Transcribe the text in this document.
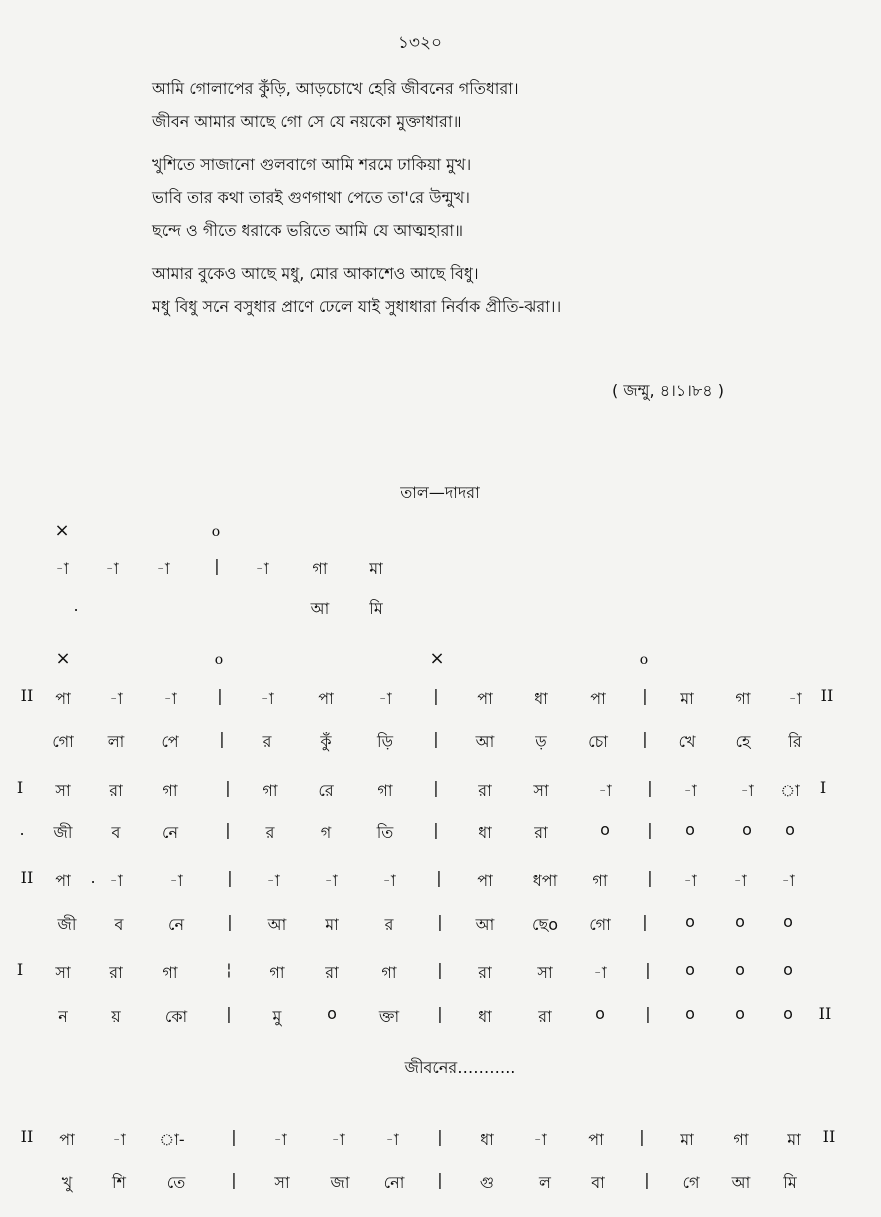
১৩২০
আমি গোলাপের কুঁড়ি, আড়চোখে হেরি জীবনের গতিধারা।
জীবন আমার আছে গো সে যে নয়কো মুক্তাধারা॥
খুশিতে সাজানো গুলবাগে আমি শরমে ঢাকিয়া মুখ।
ভাবি তার কথা তারই গুণগাথা পেতে তা'রে উন্মুখ।
ছন্দে ও গীতে ধরাকে ভরিতে আমি যে আত্মহারা॥
আমার বুকেও আছে মধু, মোর আকাশেও আছে বিধু।
মধু বিধু সনে বসুধার প্রাণে ঢেলে যাই সুধাধারা নির্বাক প্রীতি-ঝরা।।
( জম্মু, ৪।১।৮৪ )
তাল—দাদরা
×	o
-া -া -া	| -া	গা	মা
.	আ মি
×	o	×	o
II পা -া	-া	| -া	পা	-া	| পা	ধা	পা | মা	গা -া II
গো লা পে	| র	কুঁ	ড়ি	| আ	ড়	চো | খে	হে রি
I সা রা গা	| গা	রে	গা	| রা	সা	-া | -া	-া া I
. জী ব	নে	| র	গ	তি	| ধা	রা	o | o	o o
II পা . -া	-া	| -া	-া	-া	| পা	ধপা গা | -া -া -া
জী ব	নে	| আ মা	র	| আ ছেo গো | o	o o
I সা রা গা	¦ গা	রা	গা	| রা	সা	-া | o	o o
ন	য়	কো |	মু	o	ক্তা | ধা	রা	o	| o	o o II
জীবনের………..
II পা -া া-	| -া	-া	-া | ধা -া	পা | মা গা মা II
খু শি	তে	| সা	জা নো | গু	ল	বা | গে আ মি
